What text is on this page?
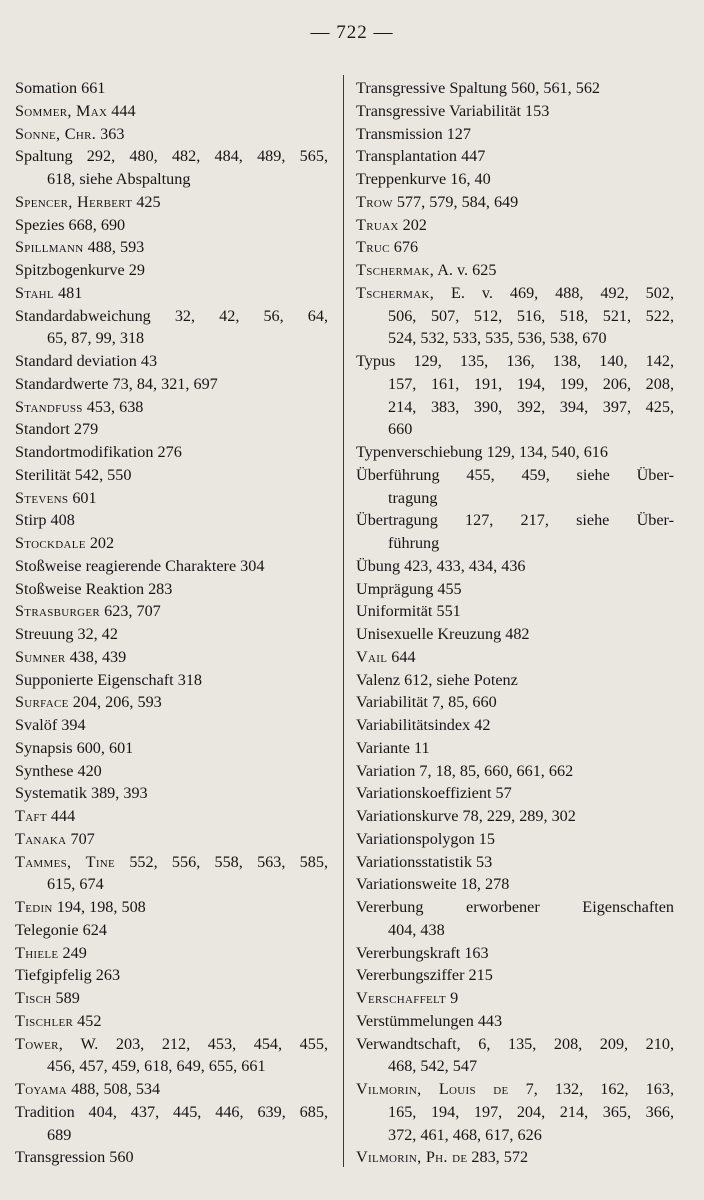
— 722 —
Somation 661
Sommer, Max 444
Sonne, Chr. 363
Spaltung 292, 480, 482, 484, 489, 565,
618, siehe Abspaltung
Spencer, Herbert 425
Spezies 668, 690
Spillmann 488, 593
Spitzbogenkurve 29
Stahl 481
Standardabweichung 32, 42, 56, 64,
65, 87, 99, 318
Standard deviation 43
Standardwerte 73, 84, 321, 697
Standfuss 453, 638
Standort 279
Standortmodifikation 276
Sterilität 542, 550
Stevens 601
Stirp 408
Stockdale 202
Stoßweise reagierende Charaktere 304
Stoßweise Reaktion 283
Strasburger 623, 707
Streuung 32, 42
Sumner 438, 439
Supponierte Eigenschaft 318
Surface 204, 206, 593
Svalöf 394
Synapsis 600, 601
Synthese 420
Systematik 389, 393
Taft 444
Tanaka 707
Tammes, Tine 552, 556, 558, 563, 585,
615, 674
Tedin 194, 198, 508
Telegonie 624
Thiele 249
Tiefgipfelig 263
Tisch 589
Tischler 452
Tower, W. 203, 212, 453, 454, 455,
456, 457, 459, 618, 649, 655, 661
Toyama 488, 508, 534
Tradition 404, 437, 445, 446, 639, 685,
689
Transgression 560
Transgressive Spaltung 560, 561, 562
Transgressive Variabilität 153
Transmission 127
Transplantation 447
Treppenkurve 16, 40
Trow 577, 579, 584, 649
Truax 202
Truc 676
Tschermak, A. v. 625
Tschermak, E. v. 469, 488, 492, 502,
506, 507, 512, 516, 518, 521, 522,
524, 532, 533, 535, 536, 538, 670
Typus 129, 135, 136, 138, 140, 142,
157, 161, 191, 194, 199, 206, 208,
214, 383, 390, 392, 394, 397, 425,
660
Typenverschiebung 129, 134, 540, 616
Überführung 455, 459, siehe Über-
tragung
Übertragung 127, 217, siehe Über-
führung
Übung 423, 433, 434, 436
Umprägung 455
Uniformität 551
Unisexuelle Kreuzung 482
Vail 644
Valenz 612, siehe Potenz
Variabilität 7, 85, 660
Variabilitätsindex 42
Variante 11
Variation 7, 18, 85, 660, 661, 662
Variationskoeffizient 57
Variationskurve 78, 229, 289, 302
Variationspolygon 15
Variationsstatistik 53
Variationsweite 18, 278
Vererbung erworbener Eigenschaften
404, 438
Vererbungskraft 163
Vererbungsziffer 215
Verschaffelt 9
Verstümmelungen 443
Verwandtschaft, 6, 135, 208, 209, 210,
468, 542, 547
Vilmorin, Louis de 7, 132, 162, 163,
165, 194, 197, 204, 214, 365, 366,
372, 461, 468, 617, 626
Vilmorin, Ph. de 283, 572
